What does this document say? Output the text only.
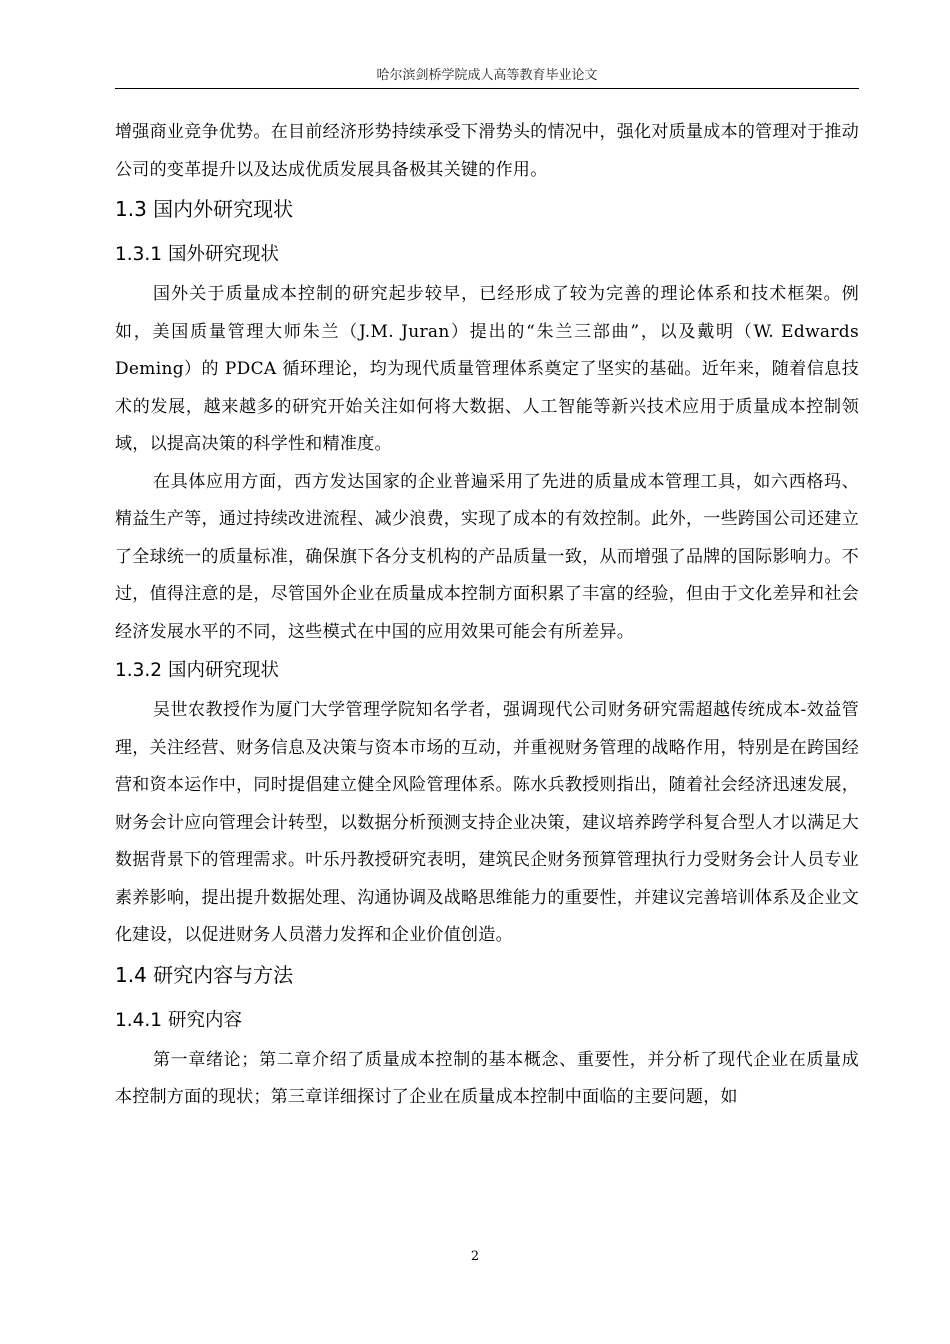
哈尔滨剑桥学院成人高等教育毕业论文

增强商业竞争优势。在目前经济形势持续承受下滑势头的情况中，强化对质量成本的管理对于推动公司的变革提升以及达成优质发展具备极其关键的作用。

1.3 国内外研究现状
1.3.1 国外研究现状

国外关于质量成本控制的研究起步较早，已经形成了较为完善的理论体系和技术框架。例如，美国质量管理大师朱兰（J.M. Juran）提出的“朱兰三部曲”，以及戴明（W. Edwards Deming）的 PDCA 循环理论，均为现代质量管理体系奠定了坚实的基础。近年来，随着信息技术的发展，越来越多的研究开始关注如何将大数据、人工智能等新兴技术应用于质量成本控制领域，以提高决策的科学性和精准度。

在具体应用方面，西方发达国家的企业普遍采用了先进的质量成本管理工具，如六西格玛、精益生产等，通过持续改进流程、减少浪费，实现了成本的有效控制。此外，一些跨国公司还建立了全球统一的质量标准，确保旗下各分支机构的产品质量一致，从而增强了品牌的国际影响力。不过，值得注意的是，尽管国外企业在质量成本控制方面积累了丰富的经验，但由于文化差异和社会经济发展水平的不同，这些模式在中国的应用效果可能会有所差异。

1.3.2 国内研究现状

吴世农教授作为厦门大学管理学院知名学者，强调现代公司财务研究需超越传统成本-效益管理，关注经营、财务信息及决策与资本市场的互动，并重视财务管理的战略作用，特别是在跨国经营和资本运作中，同时提倡建立健全风险管理体系。陈水兵教授则指出，随着社会经济迅速发展，财务会计应向管理会计转型，以数据分析预测支持企业决策，建议培养跨学科复合型人才以满足大数据背景下的管理需求。叶乐丹教授研究表明，建筑民企财务预算管理执行力受财务会计人员专业素养影响，提出提升数据处理、沟通协调及战略思维能力的重要性，并建议完善培训体系及企业文化建设，以促进财务人员潜力发挥和企业价值创造。

1.4 研究内容与方法
1.4.1 研究内容

第一章绪论；第二章介绍了质量成本控制的基本概念、重要性，并分析了现代企业在质量成本控制方面的现状；第三章详细探讨了企业在质量成本控制中面临的主要问题，如

2
